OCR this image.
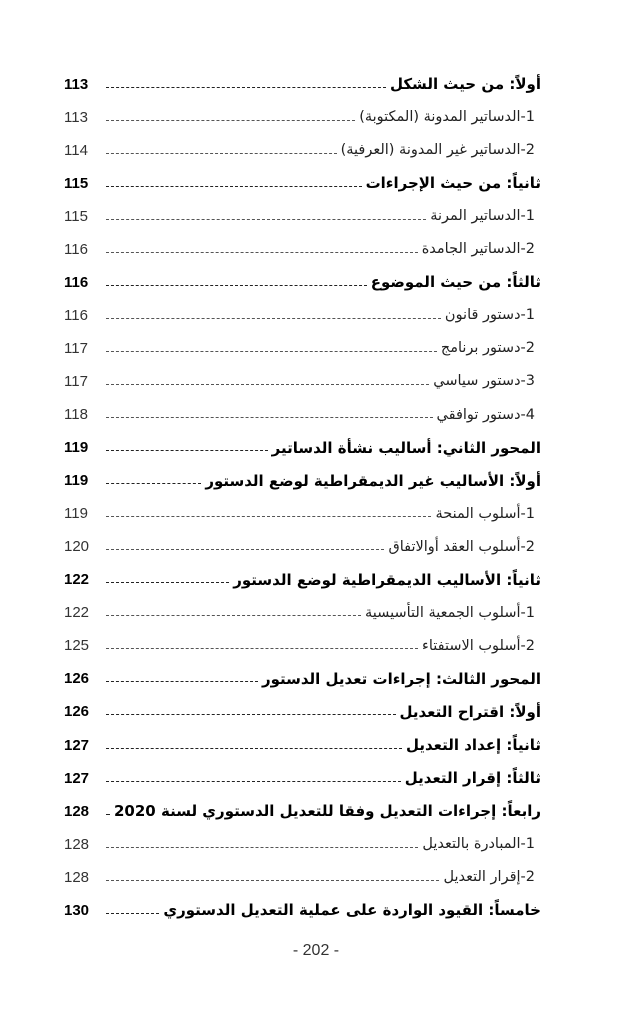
113	أولاً: من حيث الشكل
113	1-الدساتير المدونة (المكتوبة)
114	2-الدساتير غير المدونة (العرفية)
115	ثانياً: من حيث الإجراءات
115	1-الدساتير المرنة
116	2-الدساتير الجامدة
116	ثالثاً: من حيث الموضوع
116	1-دستور قانون
117	2-دستور برنامج
117	3-دستور سياسي
118	4-دستور توافقي
119	المحور الثاني: أساليب نشأة الدساتير
119	أولاً: الأساليب غير الديمقراطية لوضع الدستور
119	1-أسلوب المنحة
120	2-أسلوب العقد أوالاتفاق
122	ثانياً: الأساليب الديمقراطية لوضع الدستور
122	1-أسلوب الجمعية التأسيسية
125	2-أسلوب الاستفتاء
126	المحور الثالث: إجراءات تعديل الدستور
126	أولاً: اقتراح التعديل
127	ثانياً: إعداد التعديل
127	ثالثاً: إقرار التعديل
128	رابعاً: إجراءات التعديل وفقا للتعديل الدستوري لسنة 2020
128	1-المبادرة بالتعديل
128	2-إقرار التعديل
130	خامساً: القيود الواردة على عملية التعديل الدستوري
- 202 -
